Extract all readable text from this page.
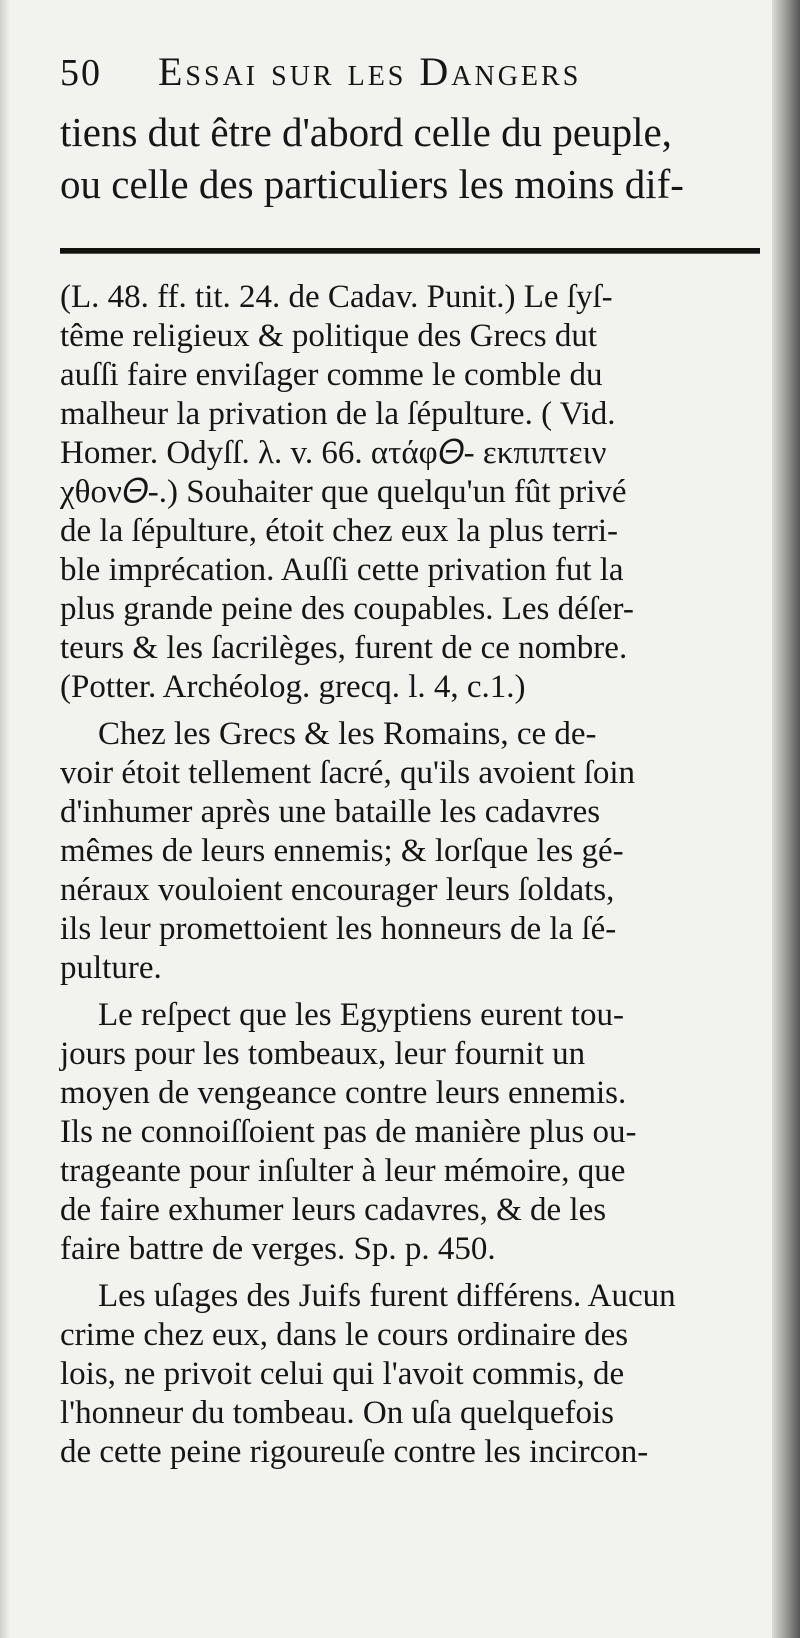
50	Essai sur les Dangers

tiens dut être d'abord celle du peuple,
ou celle des particuliers les moins dif-

(L. 48. ff. tit. 24. de Cadav. Punit.) Le ſyſ-
tême religieux & politique des Grecs dut
auſſi faire enviſager comme le comble du
malheur la privation de la ſépulture. ( Vid.
Homer. Odyſſ. λ. v. 66. ατάφ𝛩- εκπιπτειν
χθον𝛩-.) Souhaiter que quelqu'un fût privé
de la ſépulture, étoit chez eux la plus terri-
ble imprécation. Auſſi cette privation fut la
plus grande peine des coupables. Les déſer-
teurs & les ſacrilèges, furent de ce nombre.
(Potter. Archéolog. grecq. l. 4, c.1.)

Chez les Grecs & les Romains, ce de-
voir étoit tellement ſacré, qu'ils avoient ſoin
d'inhumer après une bataille les cadavres
mêmes de leurs ennemis; & lorſque les gé-
néraux vouloient encourager leurs ſoldats,
ils leur promettoient les honneurs de la ſé-
pulture.

Le reſpect que les Egyptiens eurent tou-
jours pour les tombeaux, leur fournit un
moyen de vengeance contre leurs ennemis.
Ils ne connoiſſoient pas de manière plus ou-
trageante pour inſulter à leur mémoire, que
de faire exhumer leurs cadavres, & de les
faire battre de verges. Sp. p. 450.

Les uſages des Juifs furent différens. Aucun
crime chez eux, dans le cours ordinaire des
lois, ne privoit celui qui l'avoit commis, de
l'honneur du tombeau. On uſa quelquefois
de cette peine rigoureuſe contre les incircon-
